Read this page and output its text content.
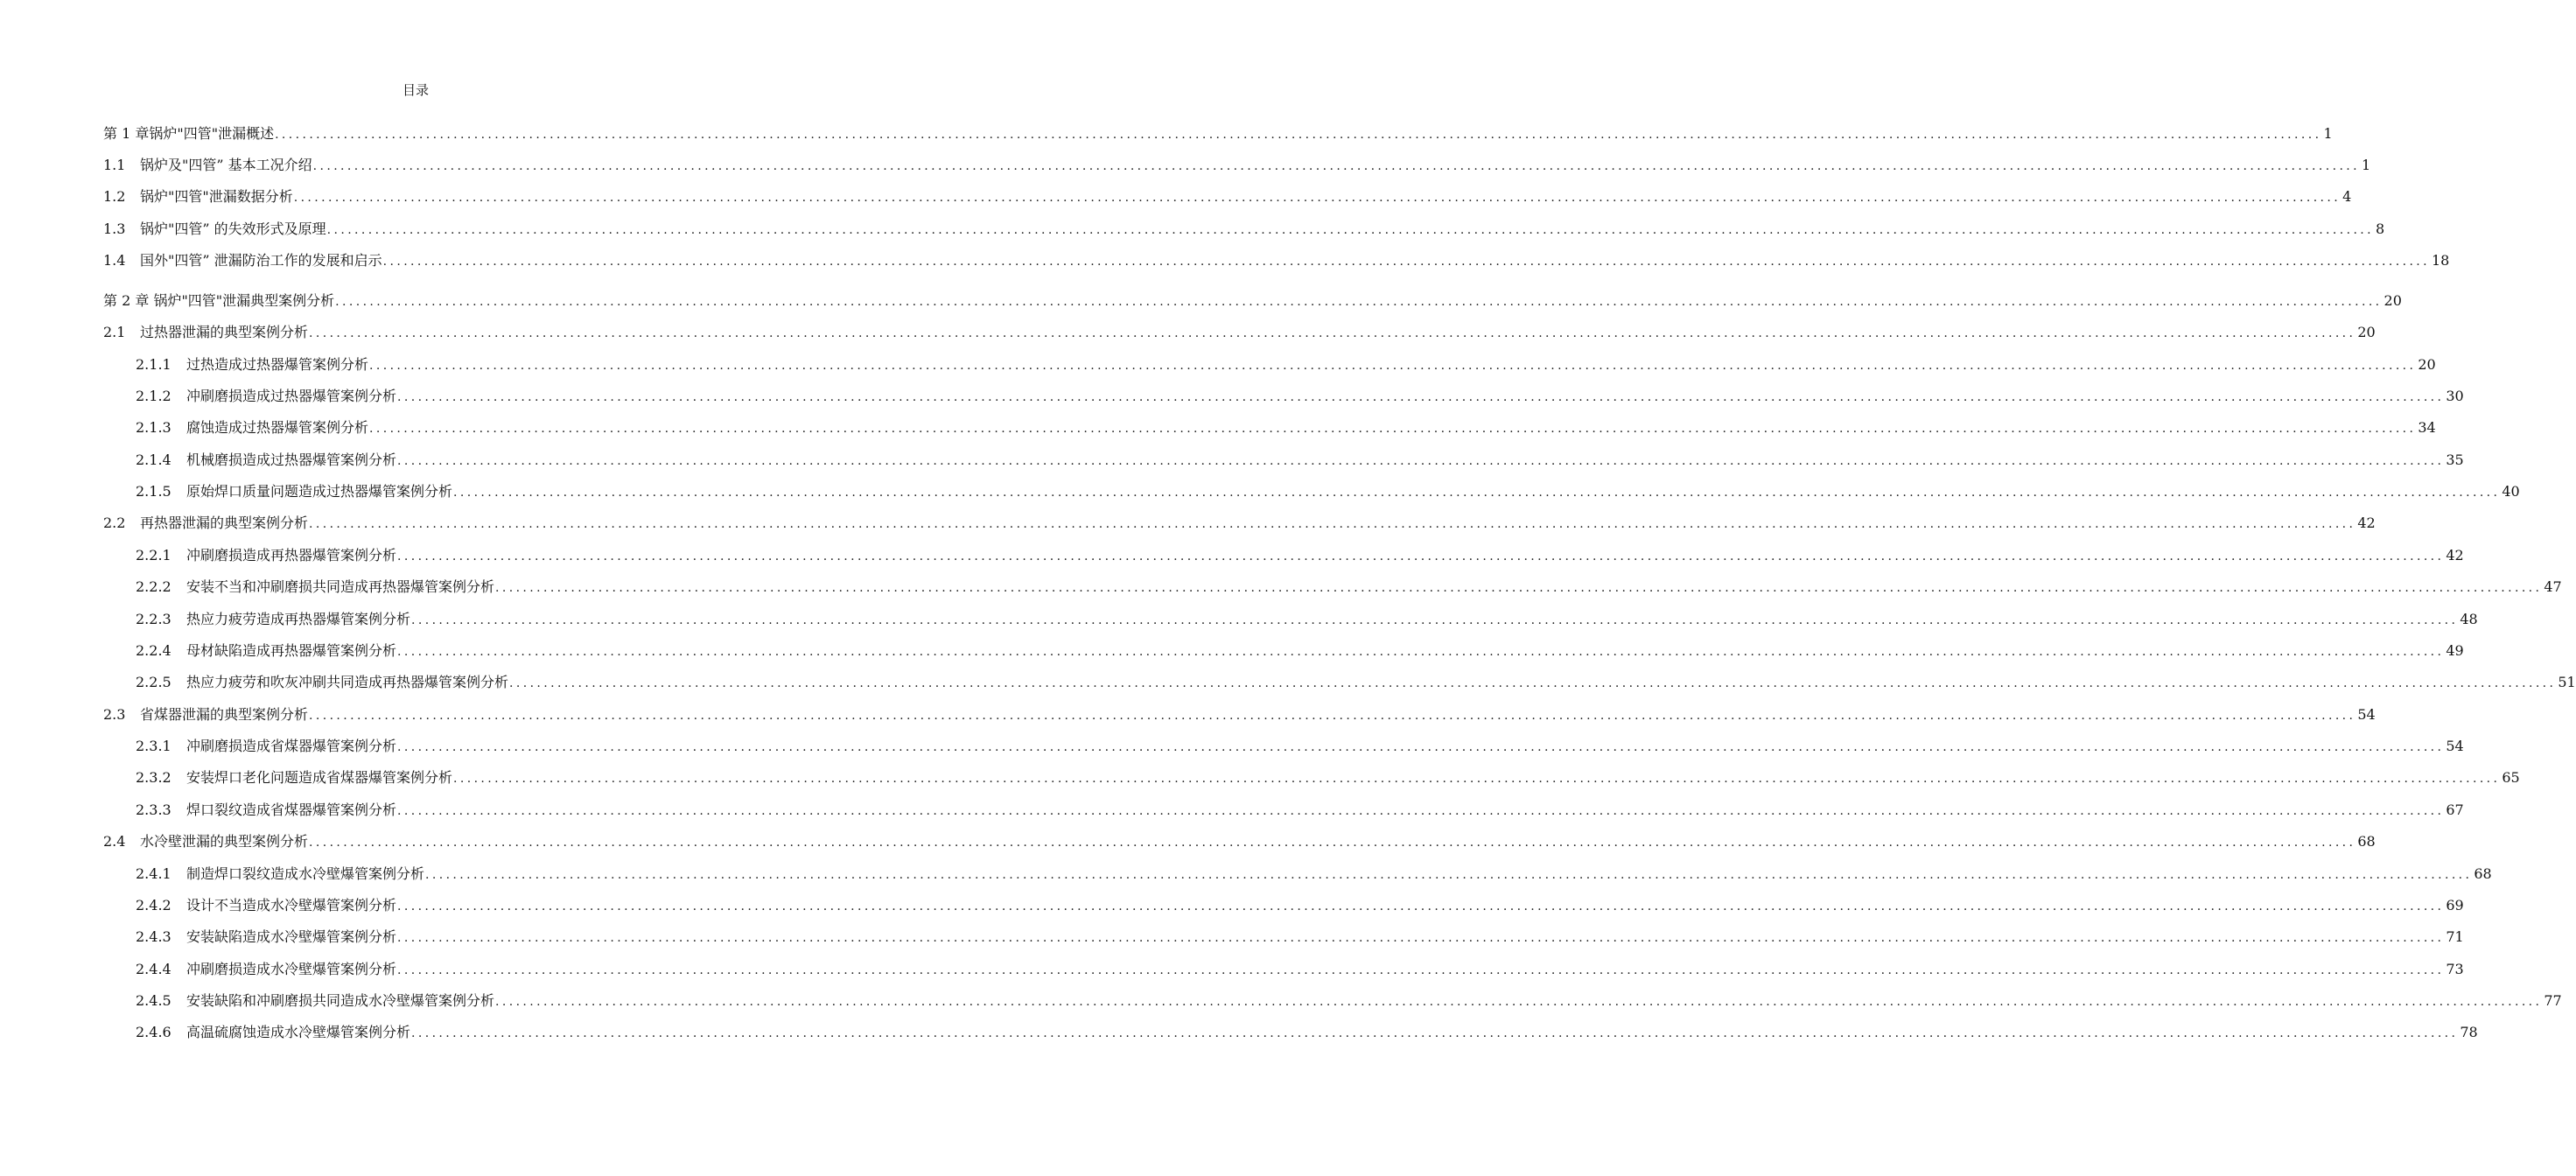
目录
第 1 章锅炉"四管"泄漏概述 .......................................................................................................................................................................................................................................................................................................... 1
1.1	锅炉及"四管” 基本工况介绍 .......................................................................................................................................................................................................................................................................................................... 1
1.2	锅炉"四管"泄漏数据分析 .......................................................................................................................................................................................................................................................................................................... 4
1.3	锅炉"四管” 的失效形式及原理 .......................................................................................................................................................................................................................................................................................................... 8
1.4	国外"四管” 泄漏防治工作的发展和启示 .......................................................................................................................................................................................................................................................................................................... 18
第 2 章 锅炉"四管"泄漏典型案例分析 .......................................................................................................................................................................................................................................................................................................... 20
2.1	过热器泄漏的典型案例分析 .......................................................................................................................................................................................................................................................................................................... 20
2.1.1	过热造成过热器爆管案例分析 .......................................................................................................................................................................................................................................................................................................... 20
2.1.2	冲刷磨损造成过热器爆管案例分析 .......................................................................................................................................................................................................................................................................................................... 30
2.1.3	腐蚀造成过热器爆管案例分析 .......................................................................................................................................................................................................................................................................................................... 34
2.1.4	机械磨损造成过热器爆管案例分析 .......................................................................................................................................................................................................................................................................................................... 35
2.1.5	原始焊口质量问题造成过热器爆管案例分析 .......................................................................................................................................................................................................................................................................................................... 40
2.2	再热器泄漏的典型案例分析 .......................................................................................................................................................................................................................................................................................................... 42
2.2.1	冲刷磨损造成再热器爆管案例分析 .......................................................................................................................................................................................................................................................................................................... 42
2.2.2	安装不当和冲刷磨损共同造成再热器爆管案例分析 .......................................................................................................................................................................................................................................................................................................... 47
2.2.3	热应力疲劳造成再热器爆管案例分析 .......................................................................................................................................................................................................................................................................................................... 48
2.2.4	母材缺陷造成再热器爆管案例分析 .......................................................................................................................................................................................................................................................................................................... 49
2.2.5	热应力疲劳和吹灰冲刷共同造成再热器爆管案例分析 .......................................................................................................................................................................................................................................................................................................... 51
2.3	省煤器泄漏的典型案例分析 .......................................................................................................................................................................................................................................................................................................... 54
2.3.1	冲刷磨损造成省煤器爆管案例分析 .......................................................................................................................................................................................................................................................................................................... 54
2.3.2	安装焊口老化问题造成省煤器爆管案例分析 .......................................................................................................................................................................................................................................................................................................... 65
2.3.3	焊口裂纹造成省煤器爆管案例分析 .......................................................................................................................................................................................................................................................................................................... 67
2.4	水冷壁泄漏的典型案例分析 .......................................................................................................................................................................................................................................................................................................... 68
2.4.1	制造焊口裂纹造成水冷壁爆管案例分析 .......................................................................................................................................................................................................................................................................................................... 68
2.4.2	设计不当造成水冷壁爆管案例分析 .......................................................................................................................................................................................................................................................................................................... 69
2.4.3	安装缺陷造成水冷壁爆管案例分析 .......................................................................................................................................................................................................................................................................................................... 71
2.4.4	冲刷磨损造成水冷壁爆管案例分析 .......................................................................................................................................................................................................................................................................................................... 73
2.4.5	安装缺陷和冲刷磨损共同造成水冷壁爆管案例分析 .......................................................................................................................................................................................................................................................................................................... 77
2.4.6	高温硫腐蚀造成水冷壁爆管案例分析 .......................................................................................................................................................................................................................................................................................................... 78
